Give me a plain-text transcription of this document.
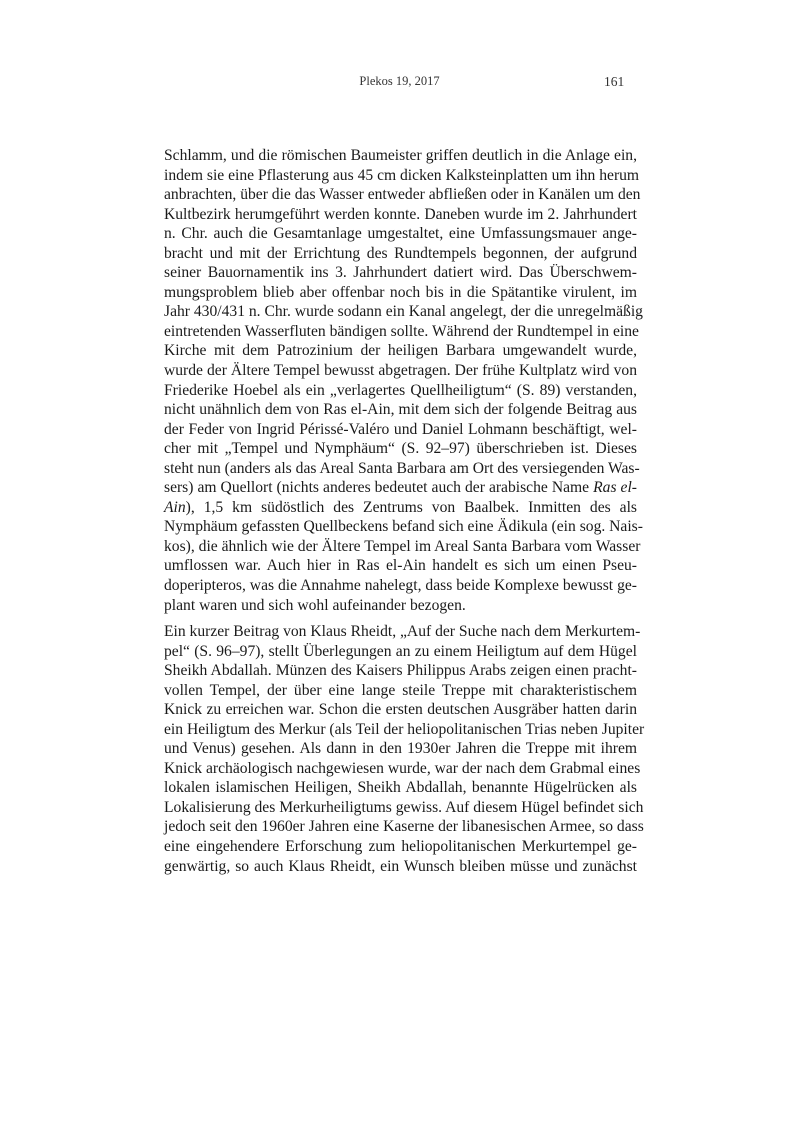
Plekos 19, 2017	161
Schlamm, und die römischen Baumeister griffen deutlich in die Anlage ein,
indem sie eine Pflasterung aus 45 cm dicken Kalksteinplatten um ihn herum
anbrachten, über die das Wasser entweder abfließen oder in Kanälen um den
Kultbezirk herumgeführt werden konnte. Daneben wurde im 2. Jahrhundert
n. Chr. auch die Gesamtanlage umgestaltet, eine Umfassungsmauer ange-
bracht und mit der Errichtung des Rundtempels begonnen, der aufgrund
seiner Bauornamentik ins 3. Jahrhundert datiert wird. Das Überschwem-
mungsproblem blieb aber offenbar noch bis in die Spätantike virulent, im
Jahr 430/431 n. Chr. wurde sodann ein Kanal angelegt, der die unregelmäßig
eintretenden Wasserfluten bändigen sollte. Während der Rundtempel in eine
Kirche mit dem Patrozinium der heiligen Barbara umgewandelt wurde,
wurde der Ältere Tempel bewusst abgetragen. Der frühe Kultplatz wird von
Friederike Hoebel als ein „verlagertes Quellheiligtum“ (S. 89) verstanden,
nicht unähnlich dem von Ras el-Ain, mit dem sich der folgende Beitrag aus
der Feder von Ingrid Périssé-Valéro und Daniel Lohmann beschäftigt, wel-
cher mit „Tempel und Nymphäum“ (S. 92–97) überschrieben ist. Dieses
steht nun (anders als das Areal Santa Barbara am Ort des versiegenden Was-
sers) am Quellort (nichts anderes bedeutet auch der arabische Name Ras el-
Ain), 1,5 km südöstlich des Zentrums von Baalbek. Inmitten des als
Nymphäum gefassten Quellbeckens befand sich eine Ädikula (ein sog. Nais-
kos), die ähnlich wie der Ältere Tempel im Areal Santa Barbara vom Wasser
umflossen war. Auch hier in Ras el-Ain handelt es sich um einen Pseu-
doperipteros, was die Annahme nahelegt, dass beide Komplexe bewusst ge-
plant waren und sich wohl aufeinander bezogen.
Ein kurzer Beitrag von Klaus Rheidt, „Auf der Suche nach dem Merkurtem-
pel“ (S. 96–97), stellt Überlegungen an zu einem Heiligtum auf dem Hügel
Sheikh Abdallah. Münzen des Kaisers Philippus Arabs zeigen einen pracht-
vollen Tempel, der über eine lange steile Treppe mit charakteristischem
Knick zu erreichen war. Schon die ersten deutschen Ausgräber hatten darin
ein Heiligtum des Merkur (als Teil der heliopolitanischen Trias neben Jupiter
und Venus) gesehen. Als dann in den 1930er Jahren die Treppe mit ihrem
Knick archäologisch nachgewiesen wurde, war der nach dem Grabmal eines
lokalen islamischen Heiligen, Sheikh Abdallah, benannte Hügelrücken als
Lokalisierung des Merkurheiligtums gewiss. Auf diesem Hügel befindet sich
jedoch seit den 1960er Jahren eine Kaserne der libanesischen Armee, so dass
eine eingehendere Erforschung zum heliopolitanischen Merkurtempel ge-
genwärtig, so auch Klaus Rheidt, ein Wunsch bleiben müsse und zunächst
